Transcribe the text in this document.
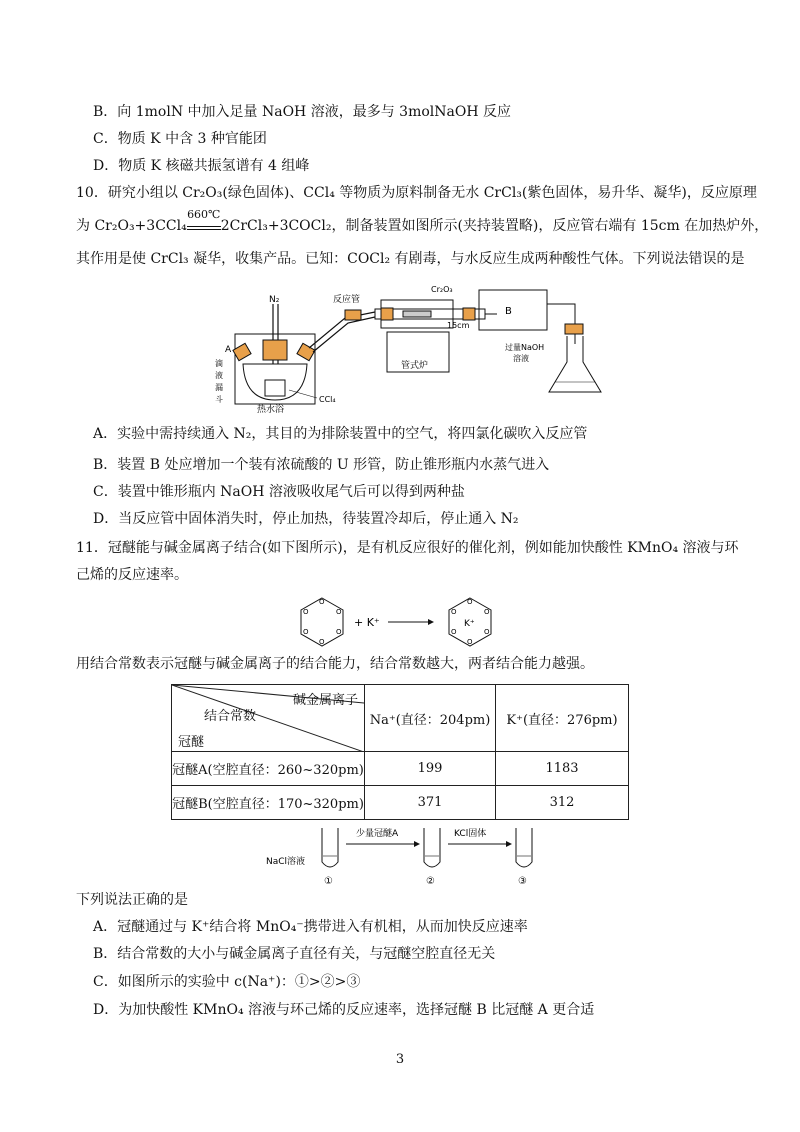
B．向 1molN 中加入足量 NaOH 溶液，最多与 3molNaOH 反应
C．物质 K 中含 3 种官能团
D．物质 K 核磁共振氢谱有 4 组峰
10．研究小组以 Cr₂O₃(绿色固体)、CCl₄ 等物质为原料制备无水 CrCl₃(紫色固体，易升华、凝华)，反应原理
为 Cr₂O₃+3CCl₄
660℃
2CrCl₃+3COCl₂，制备装置如图所示(夹持装置略)，反应管右端有 15cm 在加热炉外，
其作用是使 CrCl₃ 凝华，收集产品。已知：COCl₂ 有剧毒，与水反应生成两种酸性气体。下列说法错误的是
N₂
A
滴
液
漏
斗
热水浴
CCl₄
反应管
Cr₂O₃
15cm
管式炉
B
过量NaOH
溶液
A．实验中需持续通入 N₂，其目的为排除装置中的空气，将四氯化碳吹入反应管
B．装置 B 处应增加一个装有浓硫酸的 U 形管，防止锥形瓶内水蒸气进入
C．装置中锥形瓶内 NaOH 溶液吸收尾气后可以得到两种盐
D．当反应管中固体消失时，停止加热，待装置冷却后，停止通入 N₂
11．冠醚能与碱金属离子结合(如下图所示)，是有机反应很好的催化剂，例如能加快酸性 KMnO₄ 溶液与环
己烯的反应速率。
O
O
O
O
O
O
+ K⁺
O
O
O
O
O
O
K⁺
用结合常数表示冠醚与碱金属离子的结合能力，结合常数越大，两者结合能力越强。
碱金属离子
结合常数
冠醚	Na⁺(直径：204pm)	K⁺(直径：276pm)
冠醚A(空腔直径：260~320pm)	199	1183
冠醚B(空腔直径：170~320pm)	371	312
NaCl溶液
①
少量冠醚A
②
KCl固体
③
下列说法正确的是
A．冠醚通过与 K⁺结合将 MnO₄⁻携带进入有机相，从而加快反应速率
B．结合常数的大小与碱金属离子直径有关，与冠醚空腔直径无关
C．如图所示的实验中 c(Na⁺)：①>②>③
D．为加快酸性 KMnO₄ 溶液与环己烯的反应速率，选择冠醚 B 比冠醚 A 更合适
3
